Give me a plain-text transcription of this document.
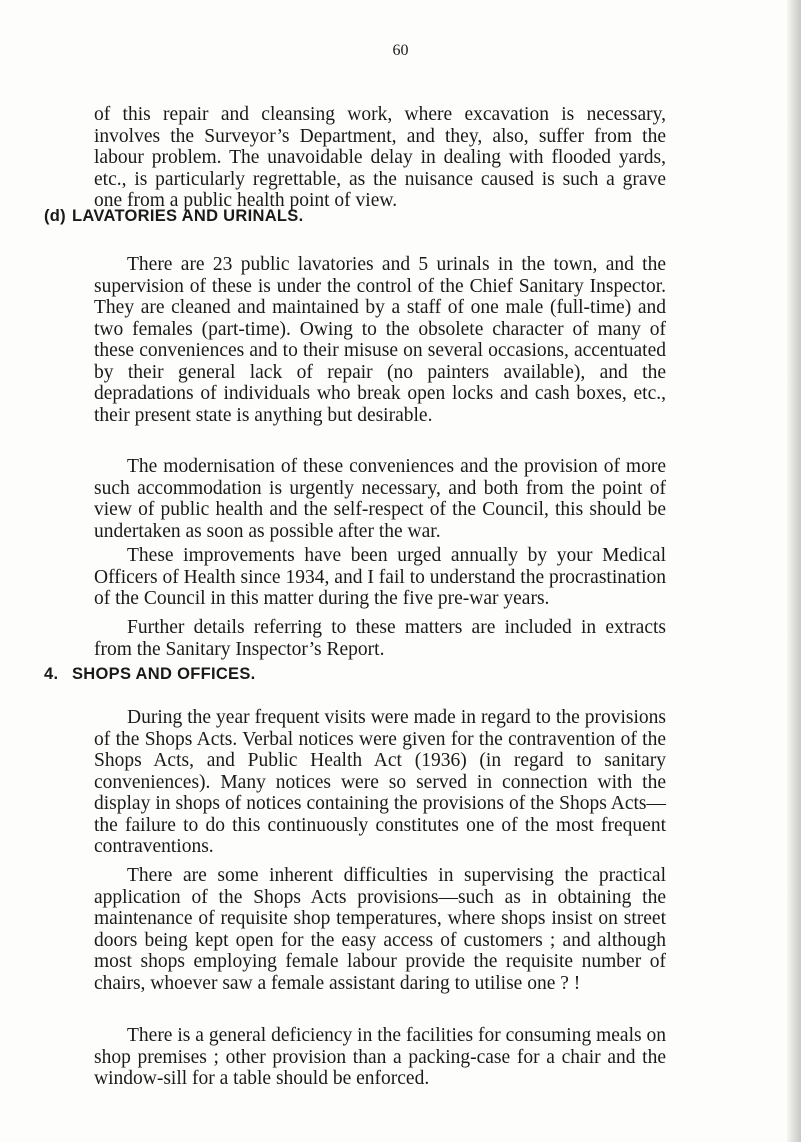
60

of this repair and cleansing work, where excavation is necessary, involves the Surveyor’s Department, and they, also, suffer from the labour problem. The unavoidable delay in dealing with flooded yards, etc., is particularly regrettable, as the nuisance caused is such a grave one from a public health point of view.

(d) LAVATORIES AND URINALS.

There are 23 public lavatories and 5 urinals in the town, and the supervision of these is under the control of the Chief Sanitary Inspector. They are cleaned and maintained by a staff of one male (full-time) and two females (part-time). Owing to the obsolete character of many of these conveniences and to their misuse on several occasions, accentuated by their general lack of repair (no painters available), and the depradations of individuals who break open locks and cash boxes, etc., their present state is anything but desirable.

The modernisation of these conveniences and the provision of more such accommodation is urgently necessary, and both from the point of view of public health and the self-respect of the Council, this should be undertaken as soon as possible after the war.

These improvements have been urged annually by your Medical Officers of Health since 1934, and I fail to understand the procrastination of the Council in this matter during the five pre-war years.

Further details referring to these matters are included in extracts from the Sanitary Inspector’s Report.

4. SHOPS AND OFFICES.

During the year frequent visits were made in regard to the provisions of the Shops Acts. Verbal notices were given for the contravention of the Shops Acts, and Public Health Act (1936) (in regard to sanitary conveniences). Many notices were so served in connection with the display in shops of notices containing the provisions of the Shops Acts—the failure to do this continuously constitutes one of the most frequent contraventions.

There are some inherent difficulties in supervising the practical application of the Shops Acts provisions—such as in obtaining the maintenance of requisite shop temperatures, where shops insist on street doors being kept open for the easy access of customers ; and although most shops employing female labour provide the requisite number of chairs, whoever saw a female assistant daring to utilise one ? !

There is a general deficiency in the facilities for consuming meals on shop premises ; other provision than a packing-case for a chair and the window-sill for a table should be enforced.
